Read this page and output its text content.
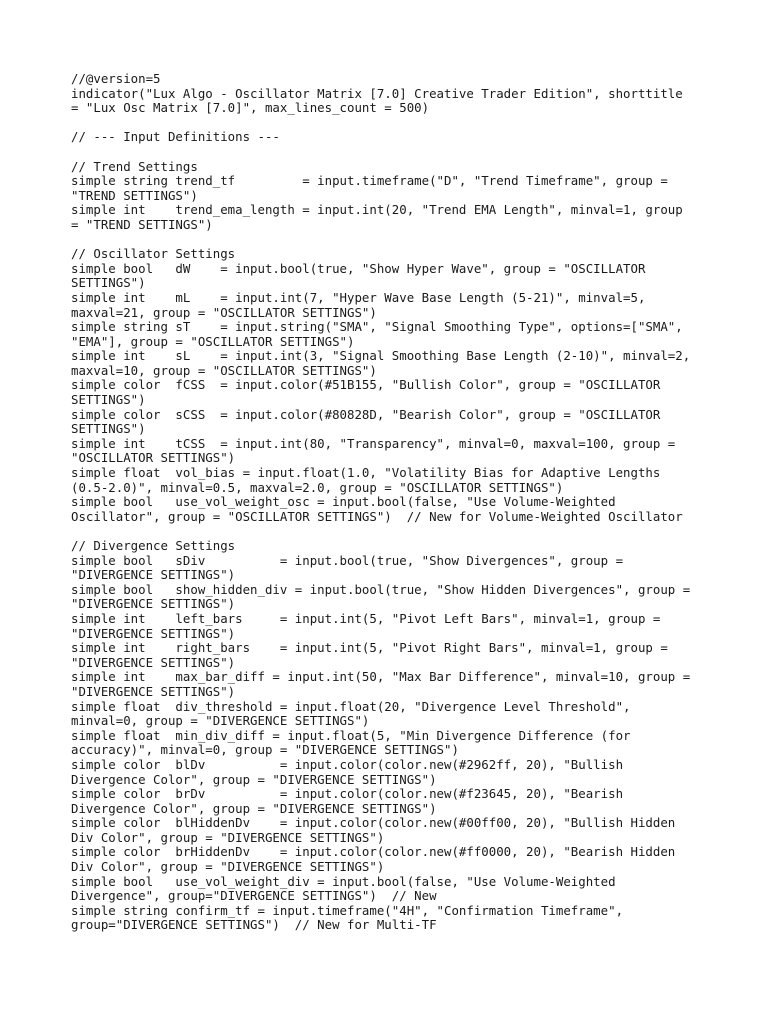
//@version=5
indicator("Lux Algo - Oscillator Matrix [7.0] Creative Trader Edition", shorttitle
= "Lux Osc Matrix [7.0]", max_lines_count = 500)
// --- Input Definitions ---
// Trend Settings
simple string trend_tf         = input.timeframe("D", "Trend Timeframe", group =
"TREND SETTINGS")
simple int    trend_ema_length = input.int(20, "Trend EMA Length", minval=1, group
= "TREND SETTINGS")
// Oscillator Settings
simple bool   dW    = input.bool(true, "Show Hyper Wave", group = "OSCILLATOR
SETTINGS")
simple int    mL    = input.int(7, "Hyper Wave Base Length (5-21)", minval=5,
maxval=21, group = "OSCILLATOR SETTINGS")
simple string sT    = input.string("SMA", "Signal Smoothing Type", options=["SMA",
"EMA"], group = "OSCILLATOR SETTINGS")
simple int    sL    = input.int(3, "Signal Smoothing Base Length (2-10)", minval=2,
maxval=10, group = "OSCILLATOR SETTINGS")
simple color  fCSS  = input.color(#51B155, "Bullish Color", group = "OSCILLATOR
SETTINGS")
simple color  sCSS  = input.color(#80828D, "Bearish Color", group = "OSCILLATOR
SETTINGS")
simple int    tCSS  = input.int(80, "Transparency", minval=0, maxval=100, group =
"OSCILLATOR SETTINGS")
simple float  vol_bias = input.float(1.0, "Volatility Bias for Adaptive Lengths
(0.5-2.0)", minval=0.5, maxval=2.0, group = "OSCILLATOR SETTINGS")
simple bool   use_vol_weight_osc = input.bool(false, "Use Volume-Weighted
Oscillator", group = "OSCILLATOR SETTINGS")  // New for Volume-Weighted Oscillator
// Divergence Settings
simple bool   sDiv          = input.bool(true, "Show Divergences", group =
"DIVERGENCE SETTINGS")
simple bool   show_hidden_div = input.bool(true, "Show Hidden Divergences", group =
"DIVERGENCE SETTINGS")
simple int    left_bars     = input.int(5, "Pivot Left Bars", minval=1, group =
"DIVERGENCE SETTINGS")
simple int    right_bars    = input.int(5, "Pivot Right Bars", minval=1, group =
"DIVERGENCE SETTINGS")
simple int    max_bar_diff = input.int(50, "Max Bar Difference", minval=10, group =
"DIVERGENCE SETTINGS")
simple float  div_threshold = input.float(20, "Divergence Level Threshold",
minval=0, group = "DIVERGENCE SETTINGS")
simple float  min_div_diff = input.float(5, "Min Divergence Difference (for
accuracy)", minval=0, group = "DIVERGENCE SETTINGS")
simple color  blDv          = input.color(color.new(#2962ff, 20), "Bullish
Divergence Color", group = "DIVERGENCE SETTINGS")
simple color  brDv          = input.color(color.new(#f23645, 20), "Bearish
Divergence Color", group = "DIVERGENCE SETTINGS")
simple color  blHiddenDv    = input.color(color.new(#00ff00, 20), "Bullish Hidden
Div Color", group = "DIVERGENCE SETTINGS")
simple color  brHiddenDv    = input.color(color.new(#ff0000, 20), "Bearish Hidden
Div Color", group = "DIVERGENCE SETTINGS")
simple bool   use_vol_weight_div = input.bool(false, "Use Volume-Weighted
Divergence", group="DIVERGENCE SETTINGS")  // New
simple string confirm_tf = input.timeframe("4H", "Confirmation Timeframe",
group="DIVERGENCE SETTINGS")  // New for Multi-TF
